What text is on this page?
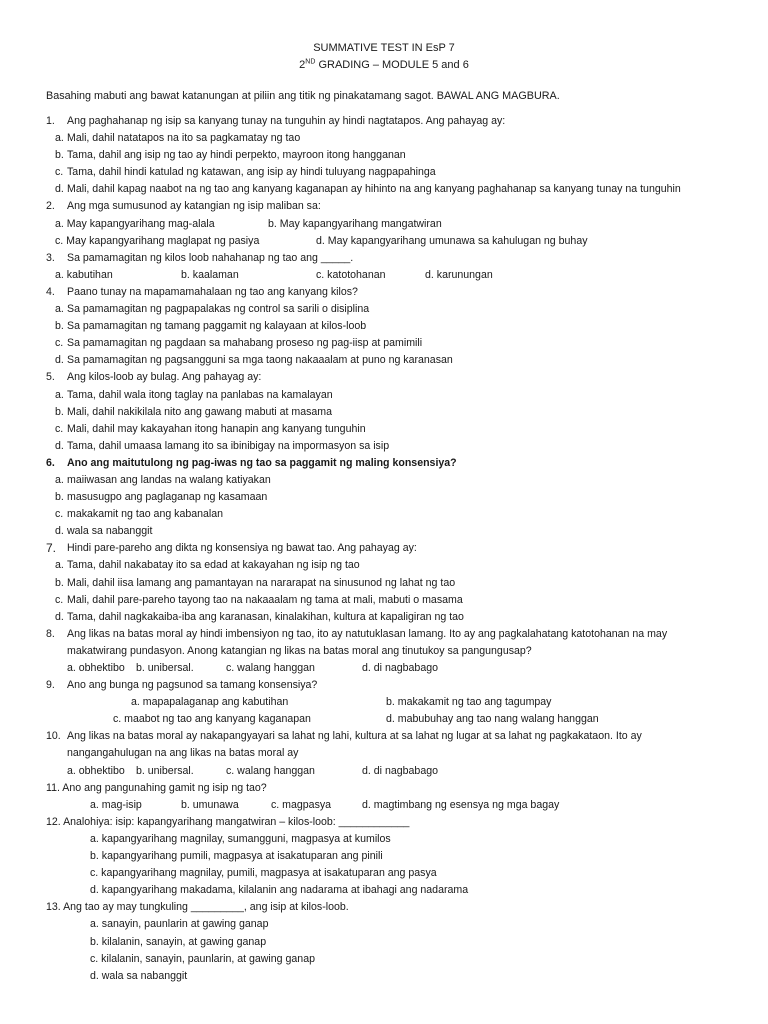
SUMMATIVE TEST IN EsP 7
2ND GRADING – MODULE 5 and 6
Basahing mabuti ang bawat katanungan at piliin ang titik ng pinakatamang sagot. BAWAL ANG MAGBURA.
1. Ang paghahanap ng isip sa kanyang tunay na tunguhin ay hindi nagtatapos. Ang pahayag ay:
a. Mali, dahil natatapos na ito sa pagkamatay ng tao
b. Tama, dahil ang isip ng tao ay hindi perpekto, mayroon itong hangganan
c. Tama, dahil hindi katulad ng katawan, ang isip ay hindi tuluyang nagpapahinga
d. Mali, dahil kapag naabot na ng tao ang kanyang kaganapan ay hihinto na ang kanyang paghahanap sa kanyang tunay na tunguhin
2. Ang mga sumusunod ay katangian ng isip maliban sa:
a. May kapangyarihang mag-alala	b. May kapangyarihang mangatwiran
c. May kapangyarihang maglapat ng pasiya	d. May kapangyarihang umunawa sa kahulugan ng buhay
3. Sa pamamagitan ng kilos loob nahahanap ng tao ang _____.
a. kabutihan	b. kaalaman	c. katotohanan	d. karunungan
4. Paano tunay na mapamamahalaan ng tao ang kanyang kilos?
a. Sa pamamagitan ng pagpapalakas ng control sa sarili o disiplina
b. Sa pamamagitan ng tamang paggamit ng kalayaan at kilos-loob
c. Sa pamamagitan ng pagdaan sa mahabang proseso ng pag-iisp at pamimili
d. Sa pamamagitan ng pagsangguni sa mga taong nakaaalam at puno ng karanasan
5. Ang kilos-loob ay bulag. Ang pahayag ay:
a. Tama, dahil wala itong taglay na panlabas na kamalayan
b. Mali, dahil nakikilala nito ang gawang mabuti at masama
c. Mali, dahil may kakayahan itong hanapin ang kanyang tunguhin
d. Tama, dahil umaasa lamang ito sa ibinibigay na impormasyon sa isip
6. Ano ang maitutulong ng pag-iwas ng tao sa paggamit ng maling konsensiya?
a. maiiwasan ang landas na walang katiyakan
b. masusugpo ang paglaganap ng kasamaan
c. makakamit ng tao ang kabanalan
d. wala sa nabanggit
7. Hindi pare-pareho ang dikta ng konsensiya ng bawat tao. Ang pahayag ay:
a. Tama, dahil nakabatay ito sa edad at kakayahan ng isip ng tao
b. Mali, dahil iisa lamang ang pamantayan na nararapat na sinusunod ng lahat ng tao
c. Mali, dahil pare-pareho tayong tao na nakaaalam ng tama at mali, mabuti o masama
d. Tama, dahil nagkakaiba-iba ang karanasan, kinalakihan, kultura at kapaligiran ng tao
8. Ang likas na batas moral ay hindi imbensiyon ng tao, ito ay natutuklasan lamang. Ito ay ang pagkalahatang katotohanan na may
makatwirang pundasyon. Anong katangian ng likas na batas moral ang tinutukoy sa pangungusap?
a. obhektibo b. unibersal.	c. walang hanggan	d. di nagbabago
9. Ano ang bunga ng pagsunod sa tamang konsensiya?
a. mapapalaganap ang kabutihan	b. makakamit ng tao ang tagumpay
c. maabot ng tao ang kanyang kaganapan	d. mabubuhay ang tao nang walang hanggan
10. Ang likas na batas moral ay nakapangyayari sa lahat ng lahi, kultura at sa lahat ng lugar at sa lahat ng pagkakataon. Ito ay
nangangahulugan na ang likas na batas moral ay
a. obhektibo b. unibersal.	c. walang hanggan	d. di nagbabago
11. Ano ang pangunahing gamit ng isip ng tao?
a. mag-isip	b. umunawa	c. magpasya	d. magtimbang ng esensya ng mga bagay
12. Analohiya: isip: kapangyarihang mangatwiran – kilos-loob: ____________
a. kapangyarihang magnilay, sumangguni, magpasya at kumilos
b. kapangyarihang pumili, magpasya at isakatuparan ang pinili
c. kapangyarihang magnilay, pumili, magpasya at isakatuparan ang pasya
d. kapangyarihang makadama, kilalanin ang nadarama at ibahagi ang nadarama
13. Ang tao ay may tungkuling _________, ang isip at kilos-loob.
a. sanayin, paunlarin at gawing ganap
b. kilalanin, sanayin, at gawing ganap
c. kilalanin, sanayin, paunlarin, at gawing ganap
d. wala sa nabanggit
